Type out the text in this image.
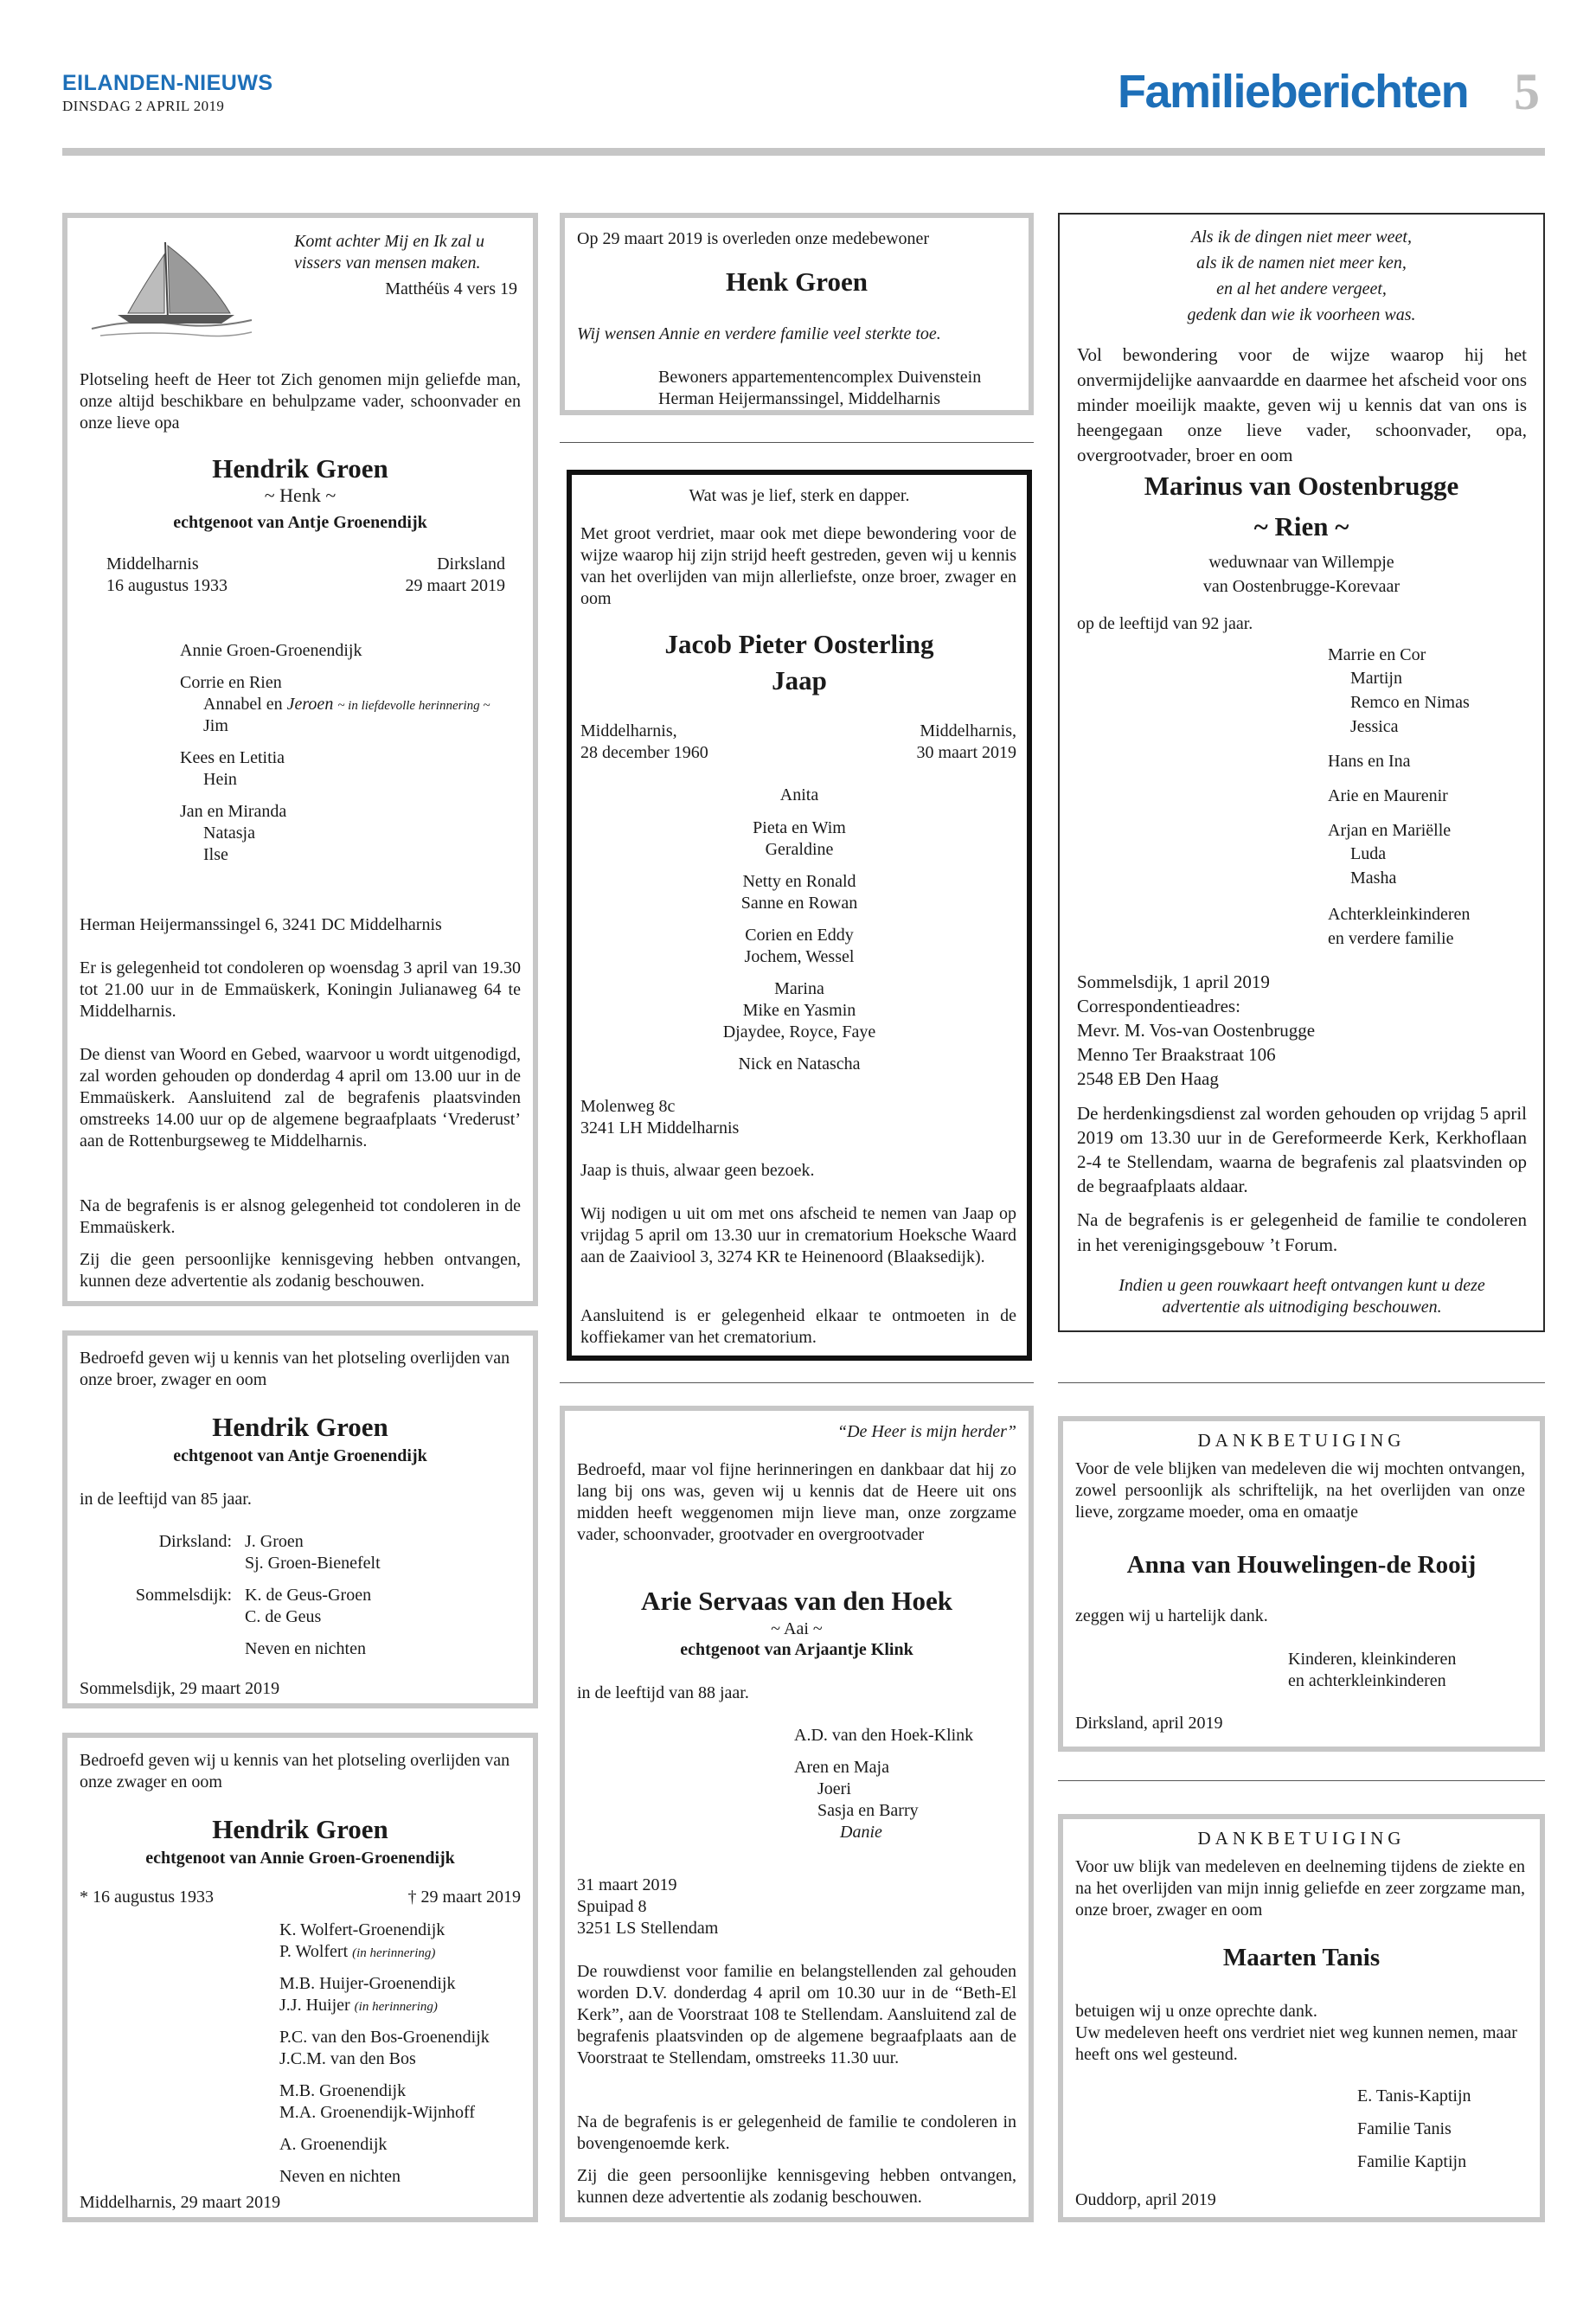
EILANDEN-NIEUWS
DINSDAG 2 APRIL 2019	Familieberichten 5
Komt achter Mij en Ik zal u
vissers van mensen maken.
Matthéüs 4 vers 19
Plotseling heeft de Heer tot Zich genomen mijn geliefde man, onze altijd beschikbare en behulpzame vader, schoonvader en onze lieve opa
Hendrik Groen
~ Henk ~
echtgenoot van Antje Groenendijk
Middelharnis
16 augustus 1933
Dirksland
29 maart 2019
Annie Groen-Groenendijk
Corrie en Rien
Annabel en Jeroen ~ in liefdevolle herinnering ~
Jim
Kees en Letitia
Hein
Jan en Miranda
Natasja
Ilse
Herman Heijermanssingel 6, 3241 DC Middelharnis
Er is gelegenheid tot condoleren op woensdag 3 april van 19.30 tot 21.00 uur in de Emmaüskerk, Koningin Julianaweg 64 te Middelharnis.
De dienst van Woord en Gebed, waarvoor u wordt uitgenodigd, zal worden gehouden op donderdag 4 april om 13.00 uur in de Emmaüskerk. Aansluitend zal de begrafenis plaatsvinden omstreeks 14.00 uur op de algemene begraafplaats ‘Vrederust’ aan de Rottenburgseweg te Middelharnis.
Na de begrafenis is er alsnog gelegenheid tot condoleren in de Emmaüskerk.
Zij die geen persoonlijke kennisgeving hebben ontvangen, kunnen deze advertentie als zodanig beschouwen.
Bedroefd geven wij u kennis van het plotseling overlijden van onze broer, zwager en oom
Hendrik Groen
echtgenoot van Antje Groenendijk
in de leeftijd van 85 jaar.
Dirksland: J. Groen
Sj. Groen-Bienefelt
Sommelsdijk: K. de Geus-Groen
C. de Geus
Neven en nichten
Sommelsdijk, 29 maart 2019
Bedroefd geven wij u kennis van het plotseling overlijden van onze zwager en oom
Hendrik Groen
echtgenoot van Annie Groen-Groenendijk
* 16 augustus 1933	† 29 maart 2019
K. Wolfert-Groenendijk
P. Wolfert (in herinnering)
M.B. Huijer-Groenendijk
J.J. Huijer (in herinnering)
P.C. van den Bos-Groenendijk
J.C.M. van den Bos
M.B. Groenendijk
M.A. Groenendijk-Wijnhoff
A. Groenendijk
Neven en nichten
Middelharnis, 29 maart 2019
Op 29 maart 2019 is overleden onze medebewoner
Henk Groen
Wij wensen Annie en verdere familie veel sterkte toe.
Bewoners appartementencomplex Duivenstein
Herman Heijermanssingel, Middelharnis
Wat was je lief, sterk en dapper.
Met groot verdriet, maar ook met diepe bewondering voor de wijze waarop hij zijn strijd heeft gestreden, geven wij u kennis van het overlijden van mijn allerliefste, onze broer, zwager en oom
Jacob Pieter Oosterling
Jaap
Middelharnis,
28 december 1960
Middelharnis,
30 maart 2019
Anita
Pieta en Wim
Geraldine
Netty en Ronald
Sanne en Rowan
Corien en Eddy
Jochem, Wessel
Marina
Mike en Yasmin
Djaydee, Royce, Faye
Nick en Natascha
Molenweg 8c
3241 LH Middelharnis
Jaap is thuis, alwaar geen bezoek.
Wij nodigen u uit om met ons afscheid te nemen van Jaap op vrijdag 5 april om 13.30 uur in crematorium Hoeksche Waard aan de Zaaiviool 3, 3274 KR te Heinenoord (Blaaksedijk).
Aansluitend is er gelegenheid elkaar te ontmoeten in de koffiekamer van het crematorium.
“De Heer is mijn herder”
Bedroefd, maar vol fijne herinneringen en dankbaar dat hij zo lang bij ons was, geven wij u kennis dat de Heere uit ons midden heeft weggenomen mijn lieve man, onze zorgzame vader, schoonvader, grootvader en overgrootvader
Arie Servaas van den Hoek
~ Aai ~
echtgenoot van Arjaantje Klink
in de leeftijd van 88 jaar.
A.D. van den Hoek-Klink
Aren en Maja
Joeri
Sasja en Barry
Danie
31 maart 2019
Spuipad 8
3251 LS Stellendam
De rouwdienst voor familie en belangstellenden zal gehouden worden D.V. donderdag 4 april om 10.30 uur in de “Beth-El Kerk”, aan de Voorstraat 108 te Stellendam. Aansluitend zal de begrafenis plaatsvinden op de algemene begraafplaats aan de Voorstraat te Stellendam, omstreeks 11.30 uur.
Na de begrafenis is er gelegenheid de familie te condoleren in bovengenoemde kerk.
Zij die geen persoonlijke kennisgeving hebben ontvangen, kunnen deze advertentie als zodanig beschouwen.
Als ik de dingen niet meer weet,
als ik de namen niet meer ken,
en al het andere vergeet,
gedenk dan wie ik voorheen was.
Vol bewondering voor de wijze waarop hij het onvermijdelijke aanvaardde en daarmee het afscheid voor ons minder moeilijk maakte, geven wij u kennis dat van ons is heengegaan onze lieve vader, schoonvader, opa, overgrootvader, broer en oom
Marinus van Oostenbrugge
~ Rien ~
weduwnaar van Willempje
van Oostenbrugge-Korevaar
op de leeftijd van 92 jaar.
Marrie en Cor
Martijn
Remco en Nimas
Jessica
Hans en Ina
Arie en Maurenir
Arjan en Mariëlle
Luda
Masha
Achterkleinkinderen
en verdere familie
Sommelsdijk, 1 april 2019
Correspondentieadres:
Mevr. M. Vos-van Oostenbrugge
Menno Ter Braakstraat 106
2548 EB Den Haag
De herdenkingsdienst zal worden gehouden op vrijdag 5 april 2019 om 13.30 uur in de Gereformeerde Kerk, Kerkhoflaan 2-4 te Stellendam, waarna de begrafenis zal plaatsvinden op de begraafplaats aldaar.
Na de begrafenis is er gelegenheid de familie te condoleren in het verenigingsgebouw ’t Forum.
Indien u geen rouwkaart heeft ontvangen kunt u deze advertentie als uitnodiging beschouwen.
DANKBETUIGING
Voor de vele blijken van medeleven die wij mochten ontvangen, zowel persoonlijk als schriftelijk, na het overlijden van onze lieve, zorgzame moeder, oma en omaatje
Anna van Houwelingen-de Rooij
zeggen wij u hartelijk dank.
Kinderen, kleinkinderen
en achterkleinkinderen
Dirksland, april 2019
DANKBETUIGING
Voor uw blijk van medeleven en deelneming tijdens de ziekte en na het overlijden van mijn innig geliefde en zeer zorgzame man, onze broer, zwager en oom
Maarten Tanis
betuigen wij u onze oprechte dank.
Uw medeleven heeft ons verdriet niet weg kunnen nemen, maar heeft ons wel gesteund.
E. Tanis-Kaptijn
Familie Tanis
Familie Kaptijn
Ouddorp, april 2019
